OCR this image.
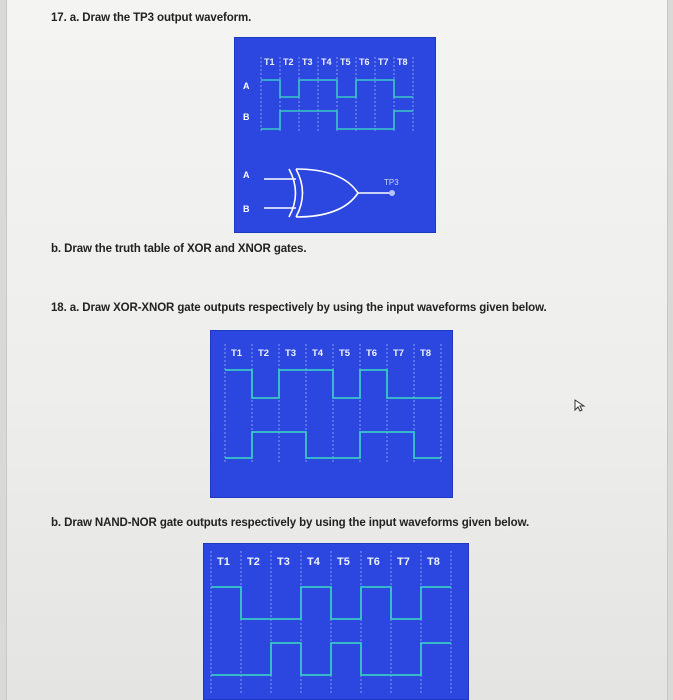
17. a. Draw the TP3 output waveform.
T1 T2 T3 T4 T5 T6 T7 T8
A
B
A
B
TP3
b. Draw the truth table of XOR and XNOR gates.
18. a. Draw XOR-XNOR gate outputs respectively by using the input waveforms given below.
T1 T2 T3 T4 T5 T6 T7 T8
b. Draw NAND-NOR gate outputs respectively by using the input waveforms given below.
T1 T2 T3 T4 T5 T6 T7 T8
